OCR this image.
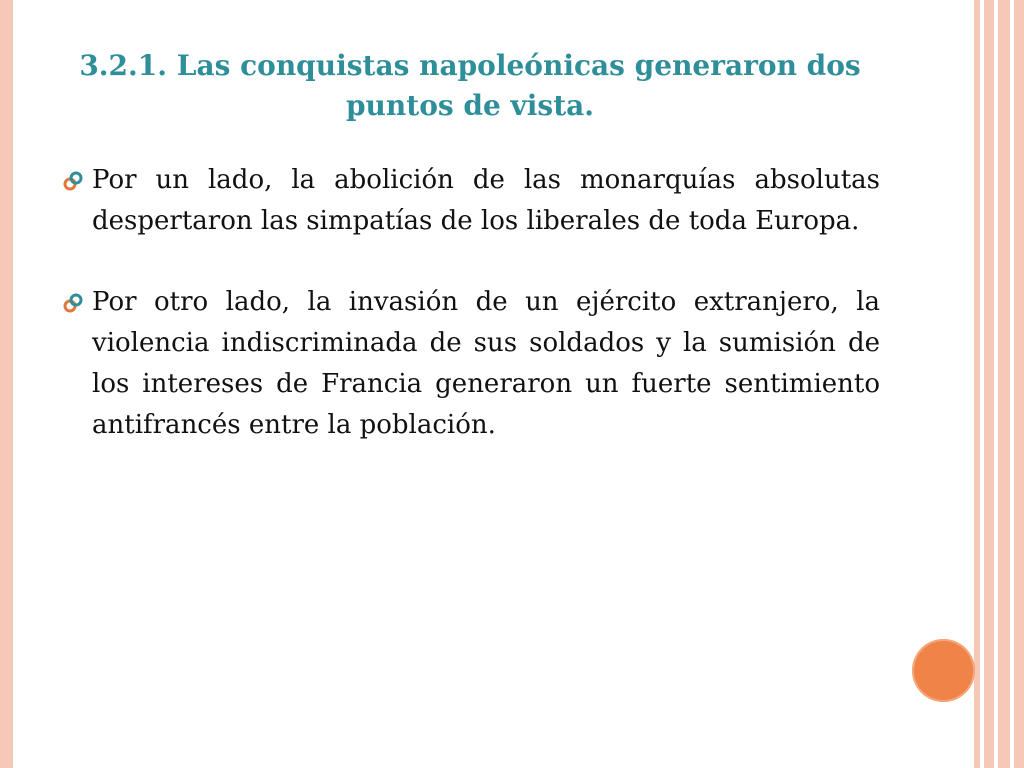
3.2.1. Las conquistas napoleónicas generaron dos puntos de vista.

Por un lado, la abolición de las monarquías absolutas despertaron las simpatías de los liberales de toda Europa.

Por otro lado, la invasión de un ejército extranjero, la violencia indiscriminada de sus soldados y la sumisión de los intereses de Francia generaron un fuerte sentimiento antifrancés entre la población.
